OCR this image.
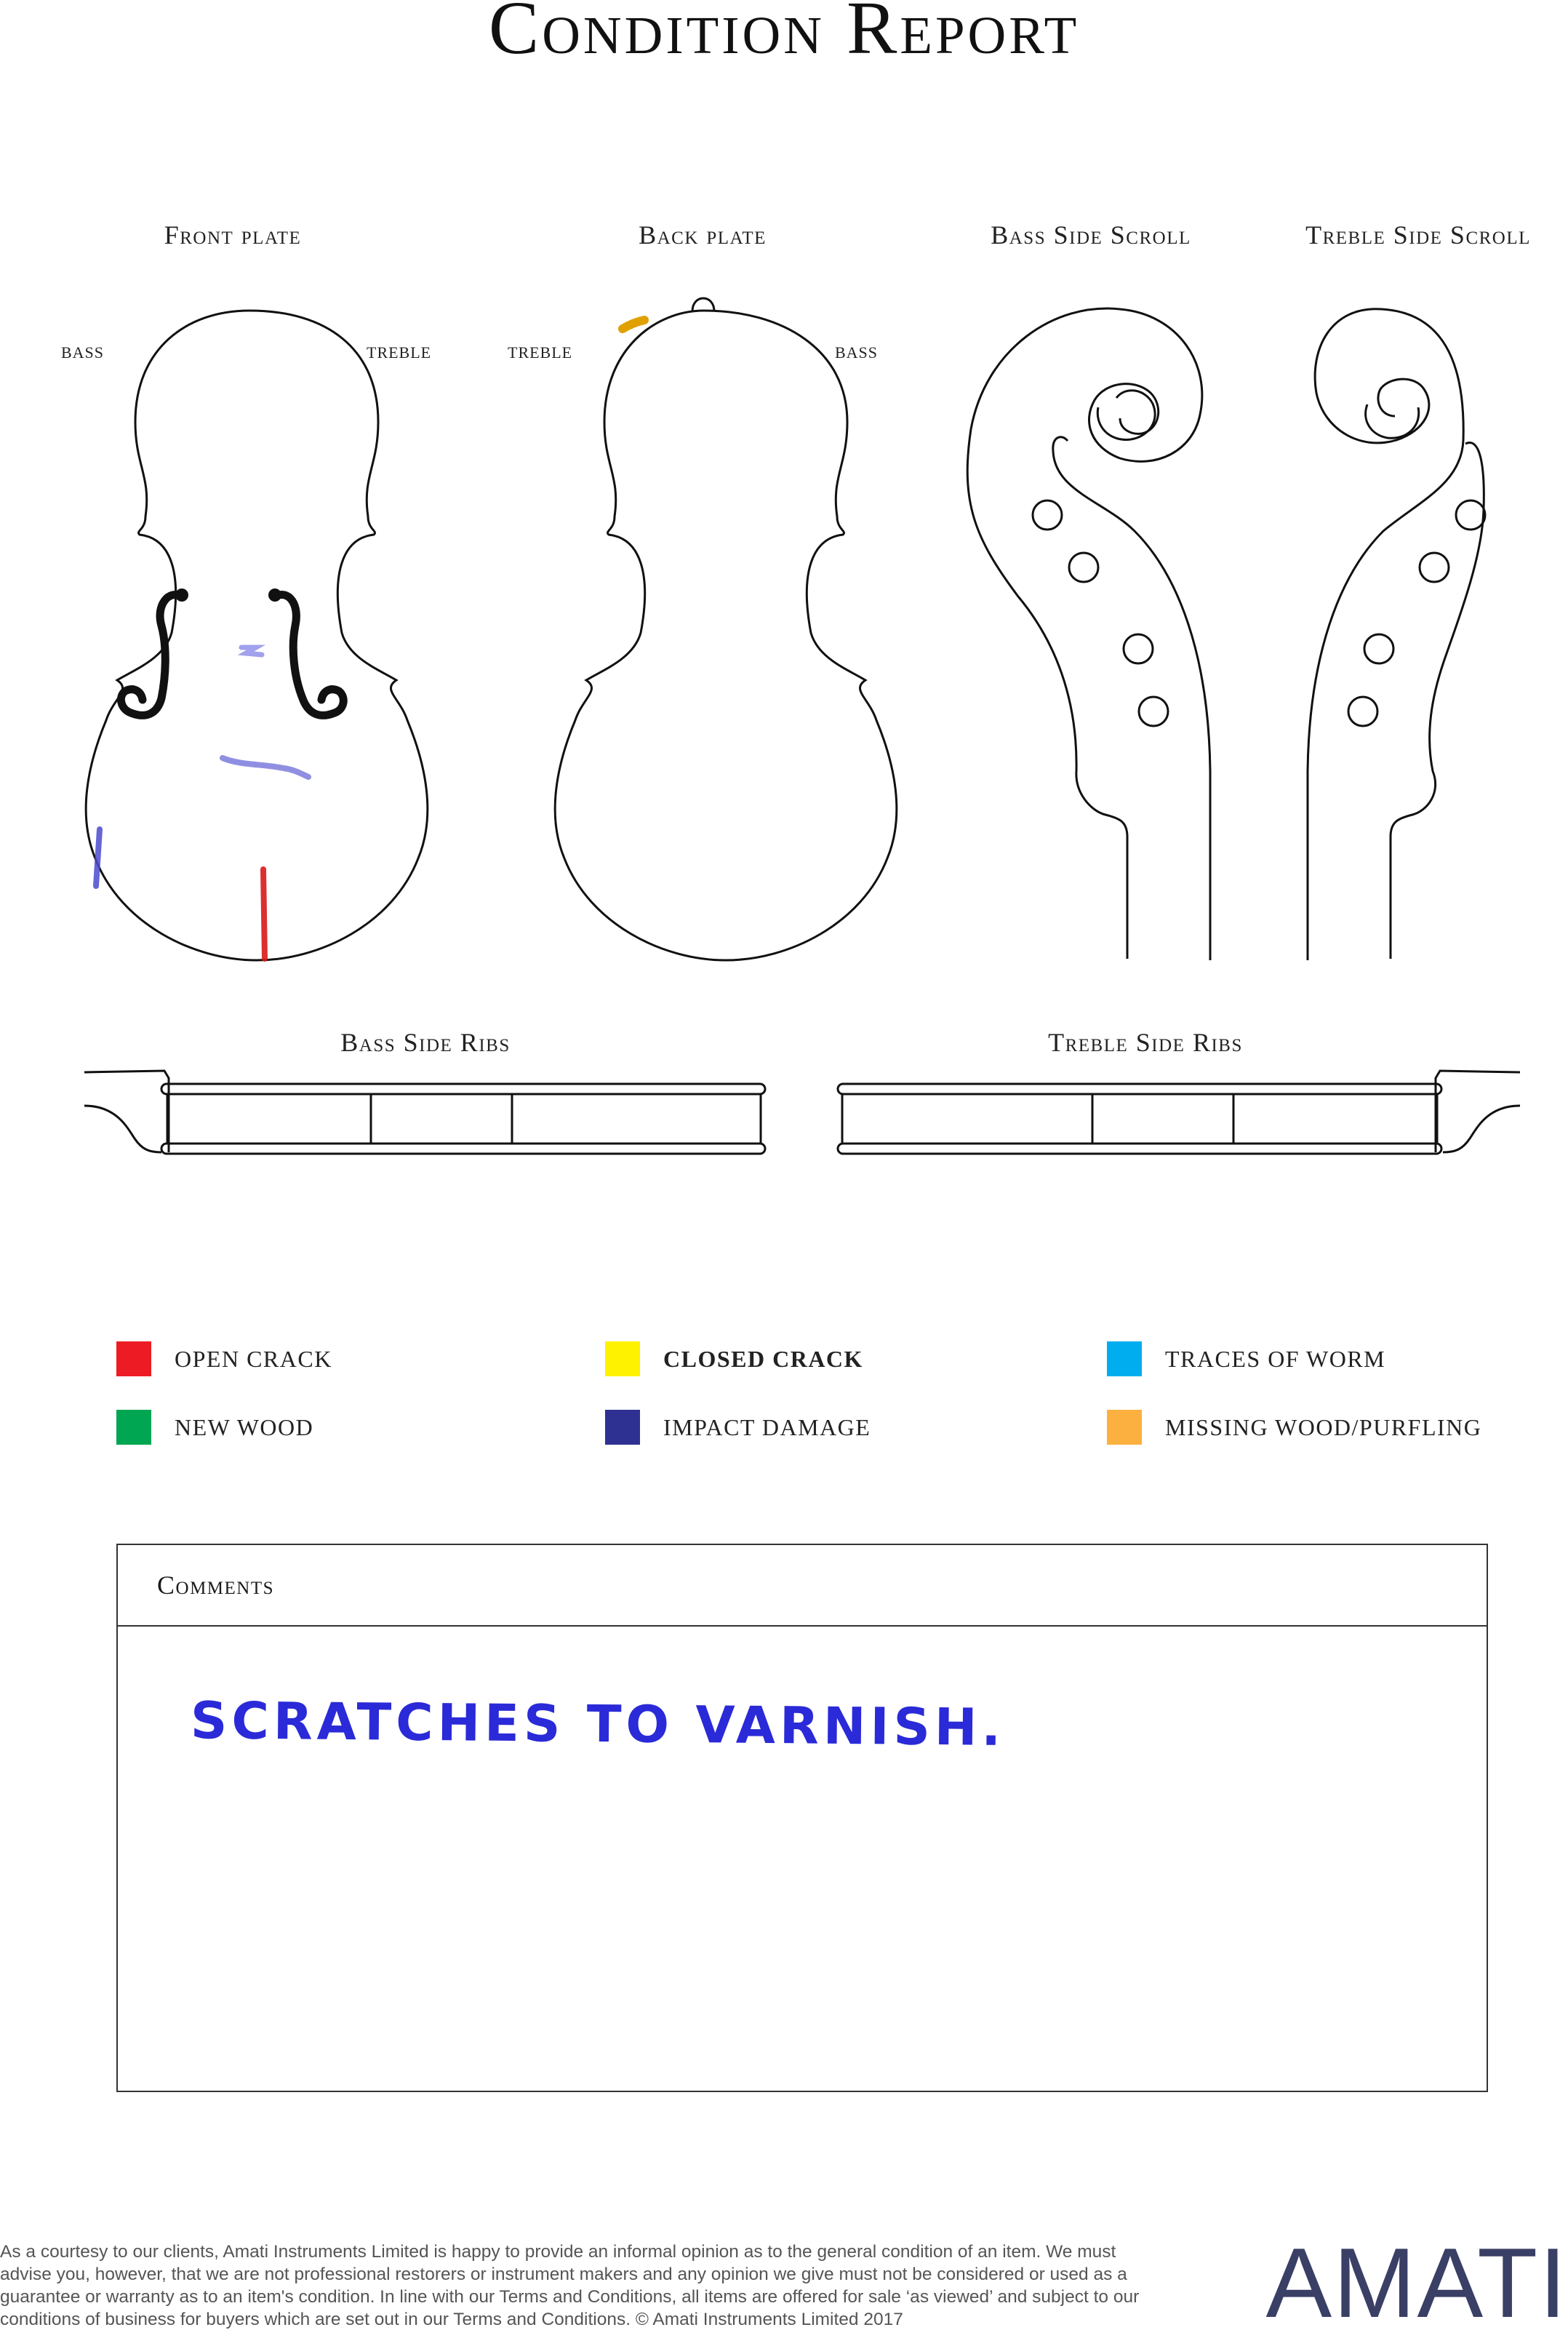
Condition Report
Front plate	Back plate	Bass Side Scroll	Treble Side Scroll
BASS	TREBLE	TREBLE	BASS
Bass Side Ribs	Treble Side Ribs
OPEN CRACK	CLOSED CRACK	TRACES OF WORM
NEW WOOD	IMPACT DAMAGE	MISSING WOOD/PURFLING
Comments
SCRATCHES TO VARNISH.
As a courtesy to our clients, Amati Instruments Limited is happy to provide an informal opinion as to the general condition of an item. We must advise you, however, that we are not professional restorers or instrument makers and any opinion we give must not be considered or used as a guarantee or warranty as to an item's condition. In line with our Terms and Conditions, all items are offered for sale ‘as viewed’ and subject to our conditions of business for buyers which are set out in our Terms and Conditions. © Amati Instruments Limited 2017	AMATI
